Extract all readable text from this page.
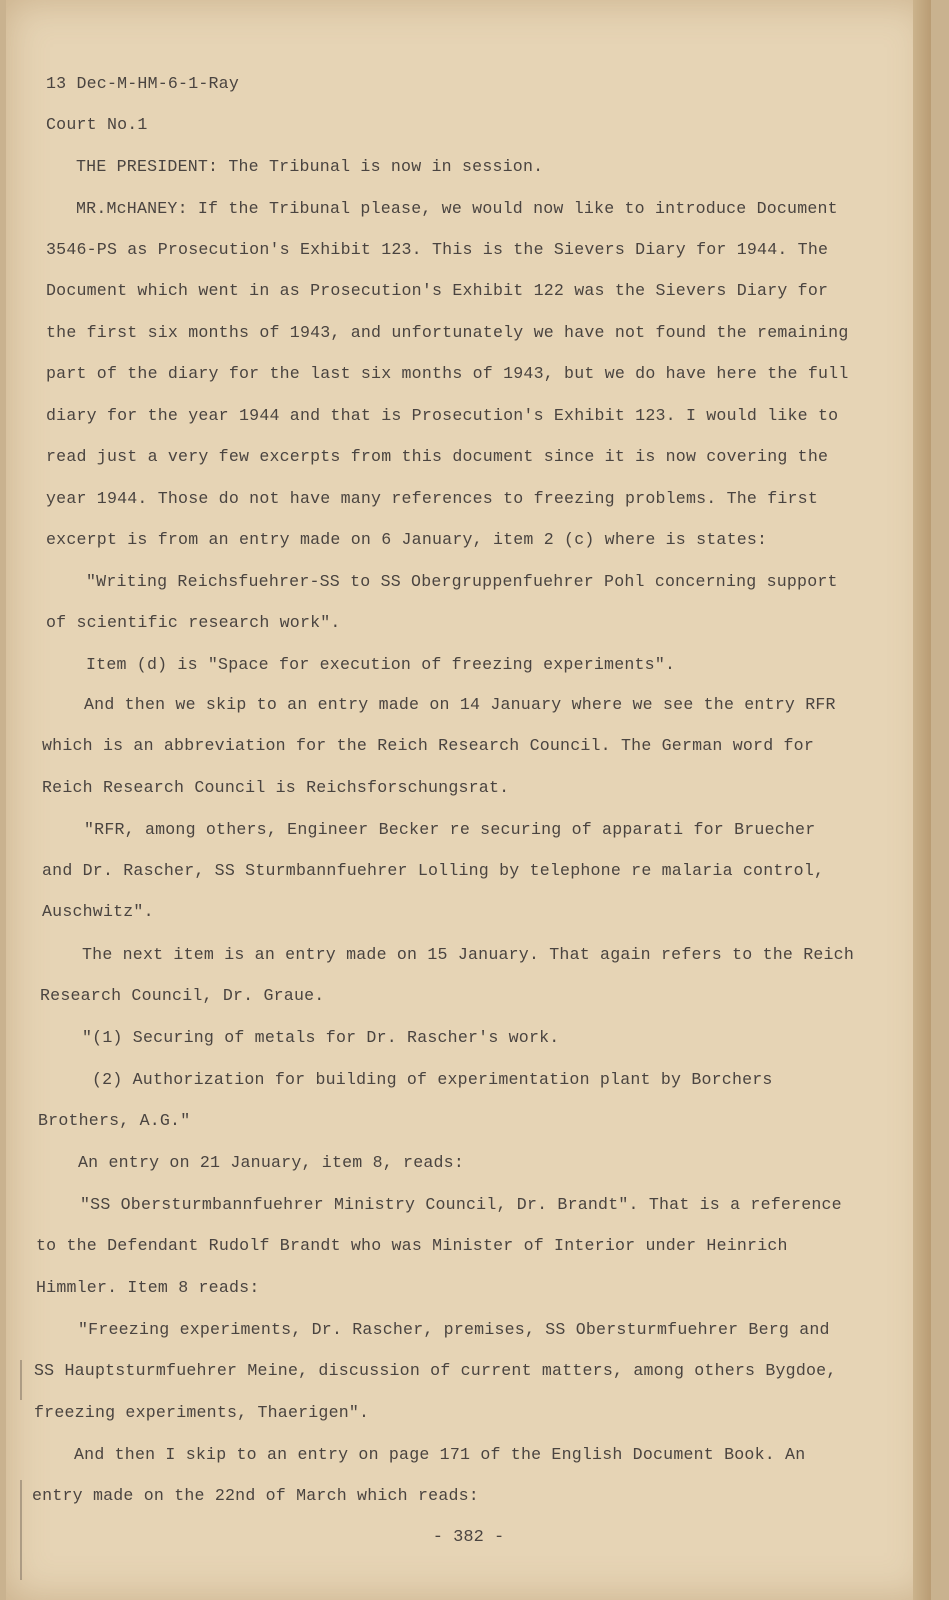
13 Dec-M-HM-6-1-Ray
Court No.1
THE PRESIDENT: The Tribunal is now in session.
MR.McHANEY: If the Tribunal please, we would now like to introduce Document
3546-PS as Prosecution's Exhibit 123. This is the Sievers Diary for 1944. The
Document which went in as Prosecution's Exhibit 122 was the Sievers Diary for
the first six months of 1943, and unfortunately we have not found the remaining
part of the diary for the last six months of 1943, but we do have here the full
diary for the year 1944 and that is Prosecution's Exhibit 123. I would like to
read just a very few excerpts from this document since it is now covering the
year 1944. Those do not have many references to freezing problems. The first
excerpt is from an entry made on 6 January, item 2 (c) where is states:
"Writing Reichsfuehrer-SS to SS Obergruppenfuehrer Pohl concerning support
of scientific research work".
Item (d) is "Space for execution of freezing experiments".
And then we skip to an entry made on 14 January where we see the entry RFR
which is an abbreviation for the Reich Research Council. The German word for
Reich Research Council is Reichsforschungsrat.
"RFR, among others, Engineer Becker re securing of apparati for Bruecher
and Dr. Rascher, SS Sturmbannfuehrer Lolling by telephone re malaria control,
Auschwitz".
The next item is an entry made on 15 January. That again refers to the Reich
Research Council, Dr. Graue.
"(1) Securing of metals for Dr. Rascher's work.
(2) Authorization for building of experimentation plant by Borchers
Brothers, A.G."
An entry on 21 January, item 8, reads:
"SS Obersturmbannfuehrer Ministry Council, Dr. Brandt". That is a reference
to the Defendant Rudolf Brandt who was Minister of Interior under Heinrich
Himmler. Item 8 reads:
"Freezing experiments, Dr. Rascher, premises, SS Obersturmfuehrer Berg and
SS Hauptsturmfuehrer Meine, discussion of current matters, among others Bygdoe,
freezing experiments, Thaerigen".
And then I skip to an entry on page 171 of the English Document Book. An
entry made on the 22nd of March which reads:
- 382 -
